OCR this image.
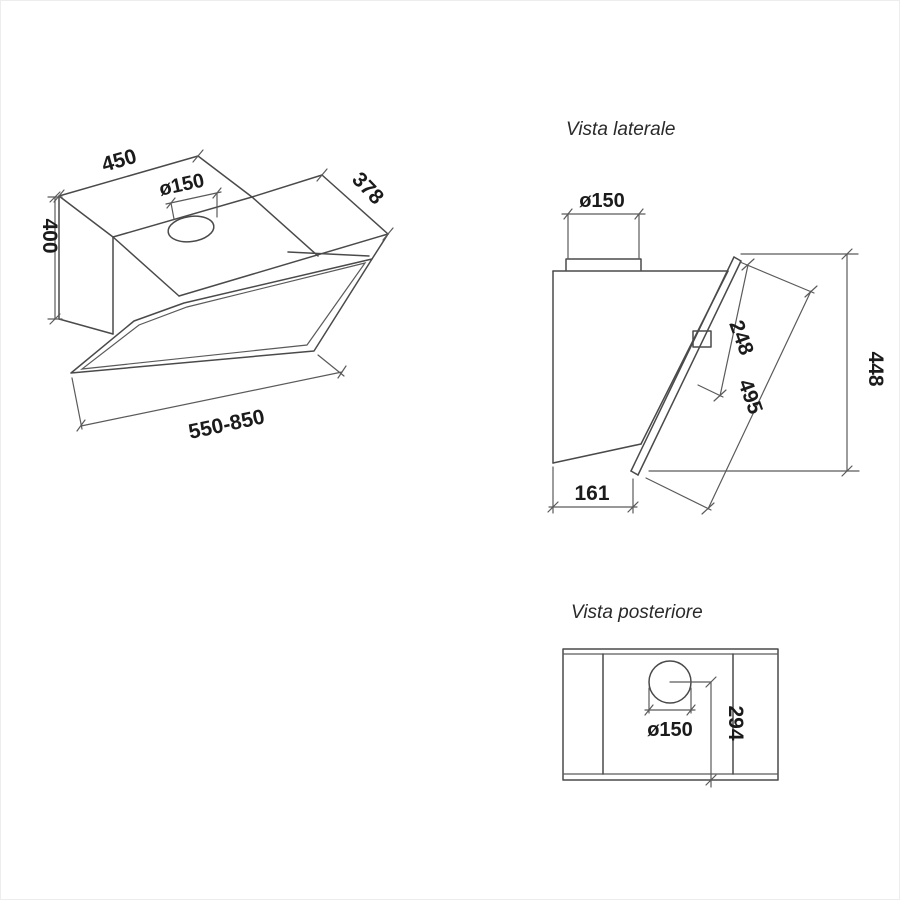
450
ø150	378
400
550-850
Vista laterale
ø150
448
495
248
161
Vista posteriore
ø150 294
